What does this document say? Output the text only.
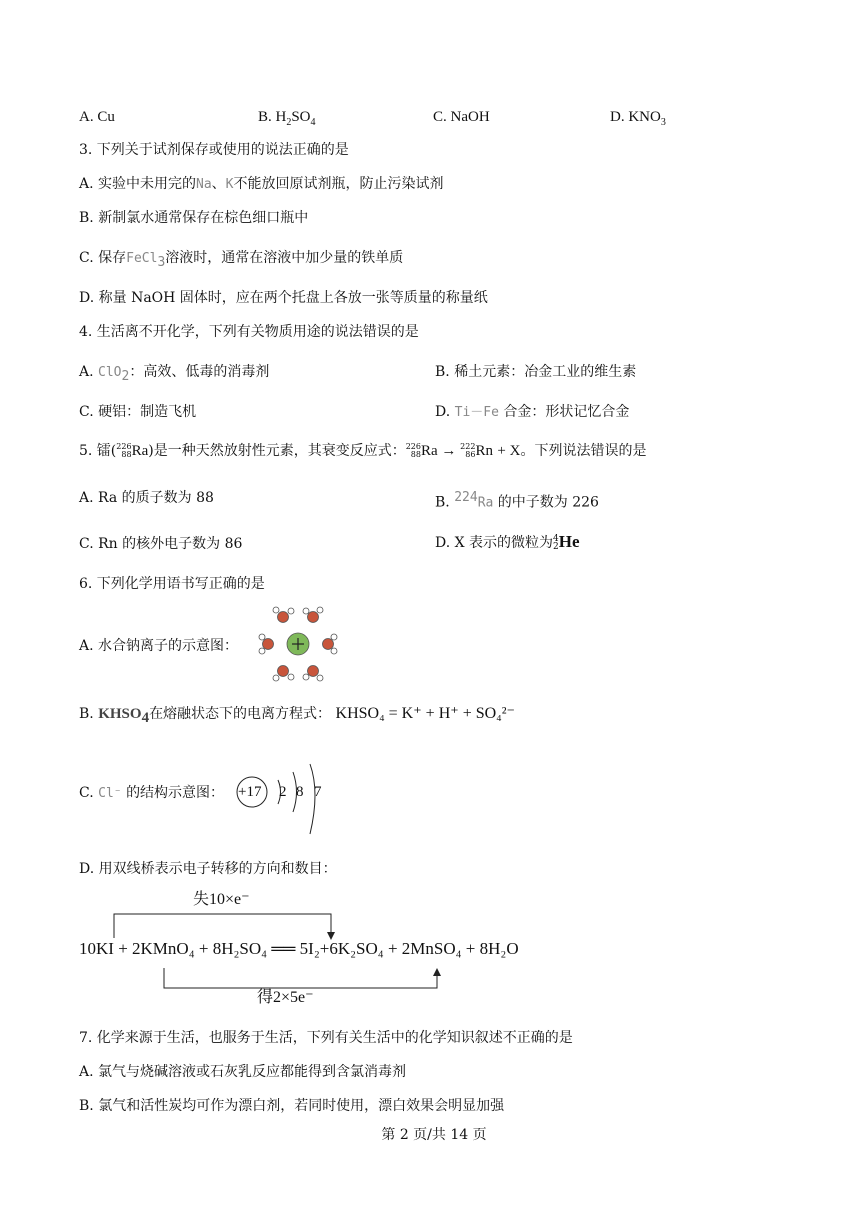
A. Cu	B. $H_2SO_4$	C. NaOH	D. $KNO_3$
3. 下列关于试剂保存或使用的说法正确的是
A. 实验中未用完的Na、K不能放回原试剂瓶，防止污染试剂
B. 新制氯水通常保存在棕色细口瓶中
C. 保存FeCl$_3$溶液时，通常在溶液中加少量的铁单质
D. 称量 NaOH 固体时，应在两个托盘上各放一张等质量的称量纸
4. 生活离不开化学，下列有关物质用途的说法错误的是
A. ClO$_2$：高效、低毒的消毒剂	B. 稀土元素：冶金工业的维生素
C. 硬铝：制造飞机	D. Ti－Fe 合金：形状记忆合金
5. 镭(226
88Ra)是一种天然放射性元素，其衰变反应式：226
88Ra → 222
86Rn + X。下列说法错误的是
A. Ra 的质子数为 88	B. $^{224}$Ra 的中子数为 226
C. Rn 的核外电子数为 86	D. X 表示的微粒为4
2He
6. 下列化学用语书写正确的是
A. 水合钠离子的示意图：
B. $KHSO_4$在熔融状态下的电离方程式： KHSO₄ = K⁺ + H⁺ + SO₄²⁻
C. Cl⁻ 的结构示意图： +17 2 8 7
D. 用双线桥表示电子转移的方向和数目：
失10×e⁻
10KI + 2KMnO₄ + 8H₂SO₄ ══ 5I₂+6K₂SO₄ + 2MnSO₄ + 8H₂O
得2×5e⁻
7. 化学来源于生活，也服务于生活，下列有关生活中的化学知识叙述不正确的是
A. 氯气与烧碱溶液或石灰乳反应都能得到含氯消毒剂
B. 氯气和活性炭均可作为漂白剂，若同时使用，漂白效果会明显加强
第 2 页/共 14 页
